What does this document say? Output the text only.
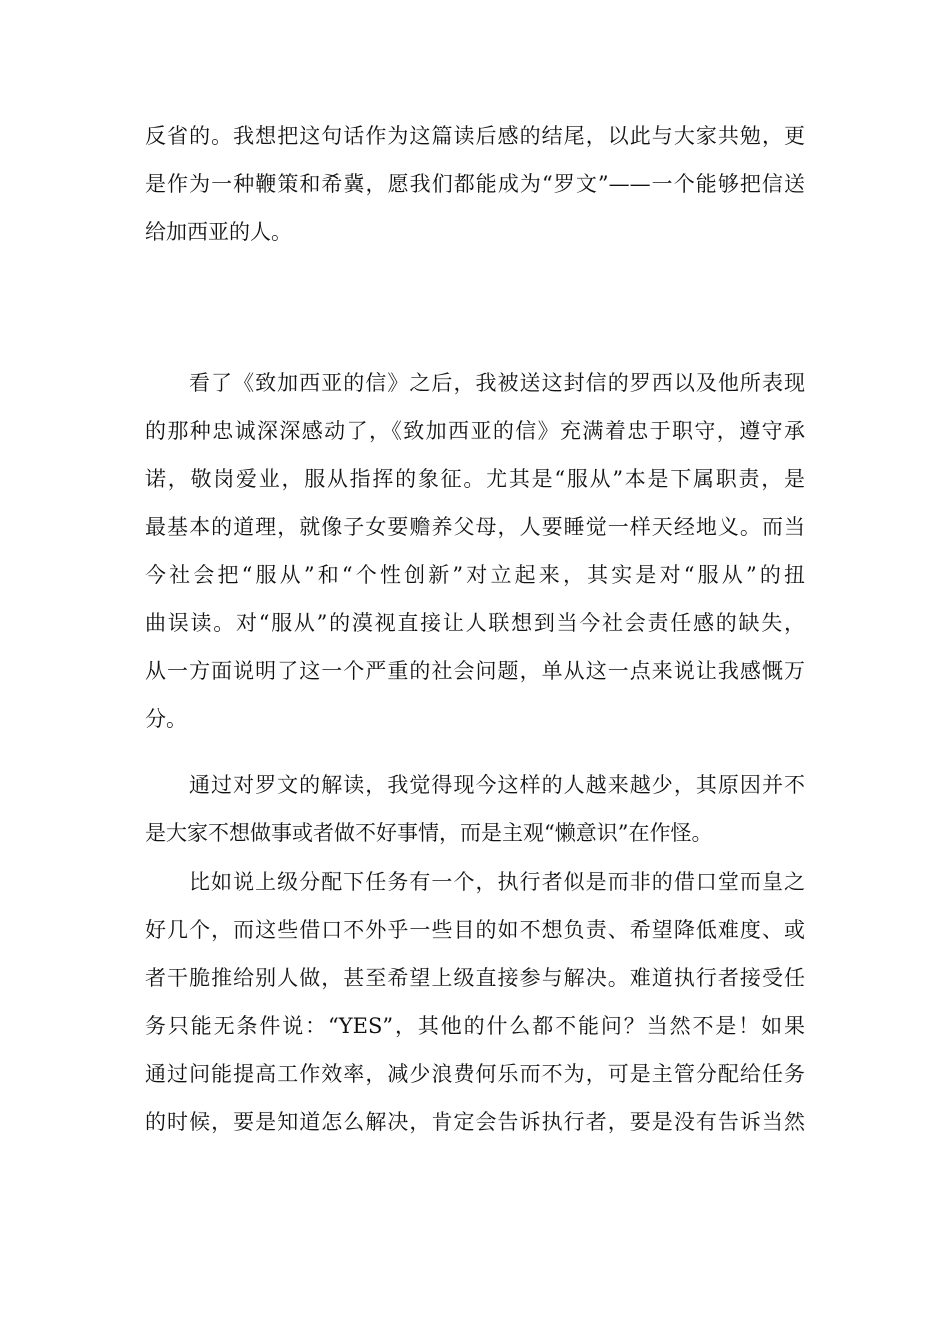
反省的。我想把这句话作为这篇读后感的结尾，以此与大家共勉，更
是作为一种鞭策和希冀，愿我们都能成为“罗文”——一个能够把信送
给加西亚的人。
看了《致加西亚的信》之后，我被送这封信的罗西以及他所表现
的那种忠诚深深感动了，《致加西亚的信》充满着忠于职守，遵守承
诺，敬岗爱业，服从指挥的象征。尤其是“服从”本是下属职责，是
最基本的道理，就像子女要赡养父母，人要睡觉一样天经地义。而当
今社会把“服从”和“个性创新”对立起来，其实是对“服从”的扭
曲误读。对“服从”的漠视直接让人联想到当今社会责任感的缺失，
从一方面说明了这一个严重的社会问题，单从这一点来说让我感慨万
分。
通过对罗文的解读，我觉得现今这样的人越来越少，其原因并不
是大家不想做事或者做不好事情，而是主观“懒意识”在作怪。
比如说上级分配下任务有一个，执行者似是而非的借口堂而皇之
好几个，而这些借口不外乎一些目的如不想负责、希望降低难度、或
者干脆推给别人做，甚至希望上级直接参与解决。难道执行者接受任
务只能无条件说：“YES”，其他的什么都不能问？当然不是！如果
通过问能提高工作效率，减少浪费何乐而不为，可是主管分配给任务
的时候，要是知道怎么解决，肯定会告诉执行者，要是没有告诉当然
